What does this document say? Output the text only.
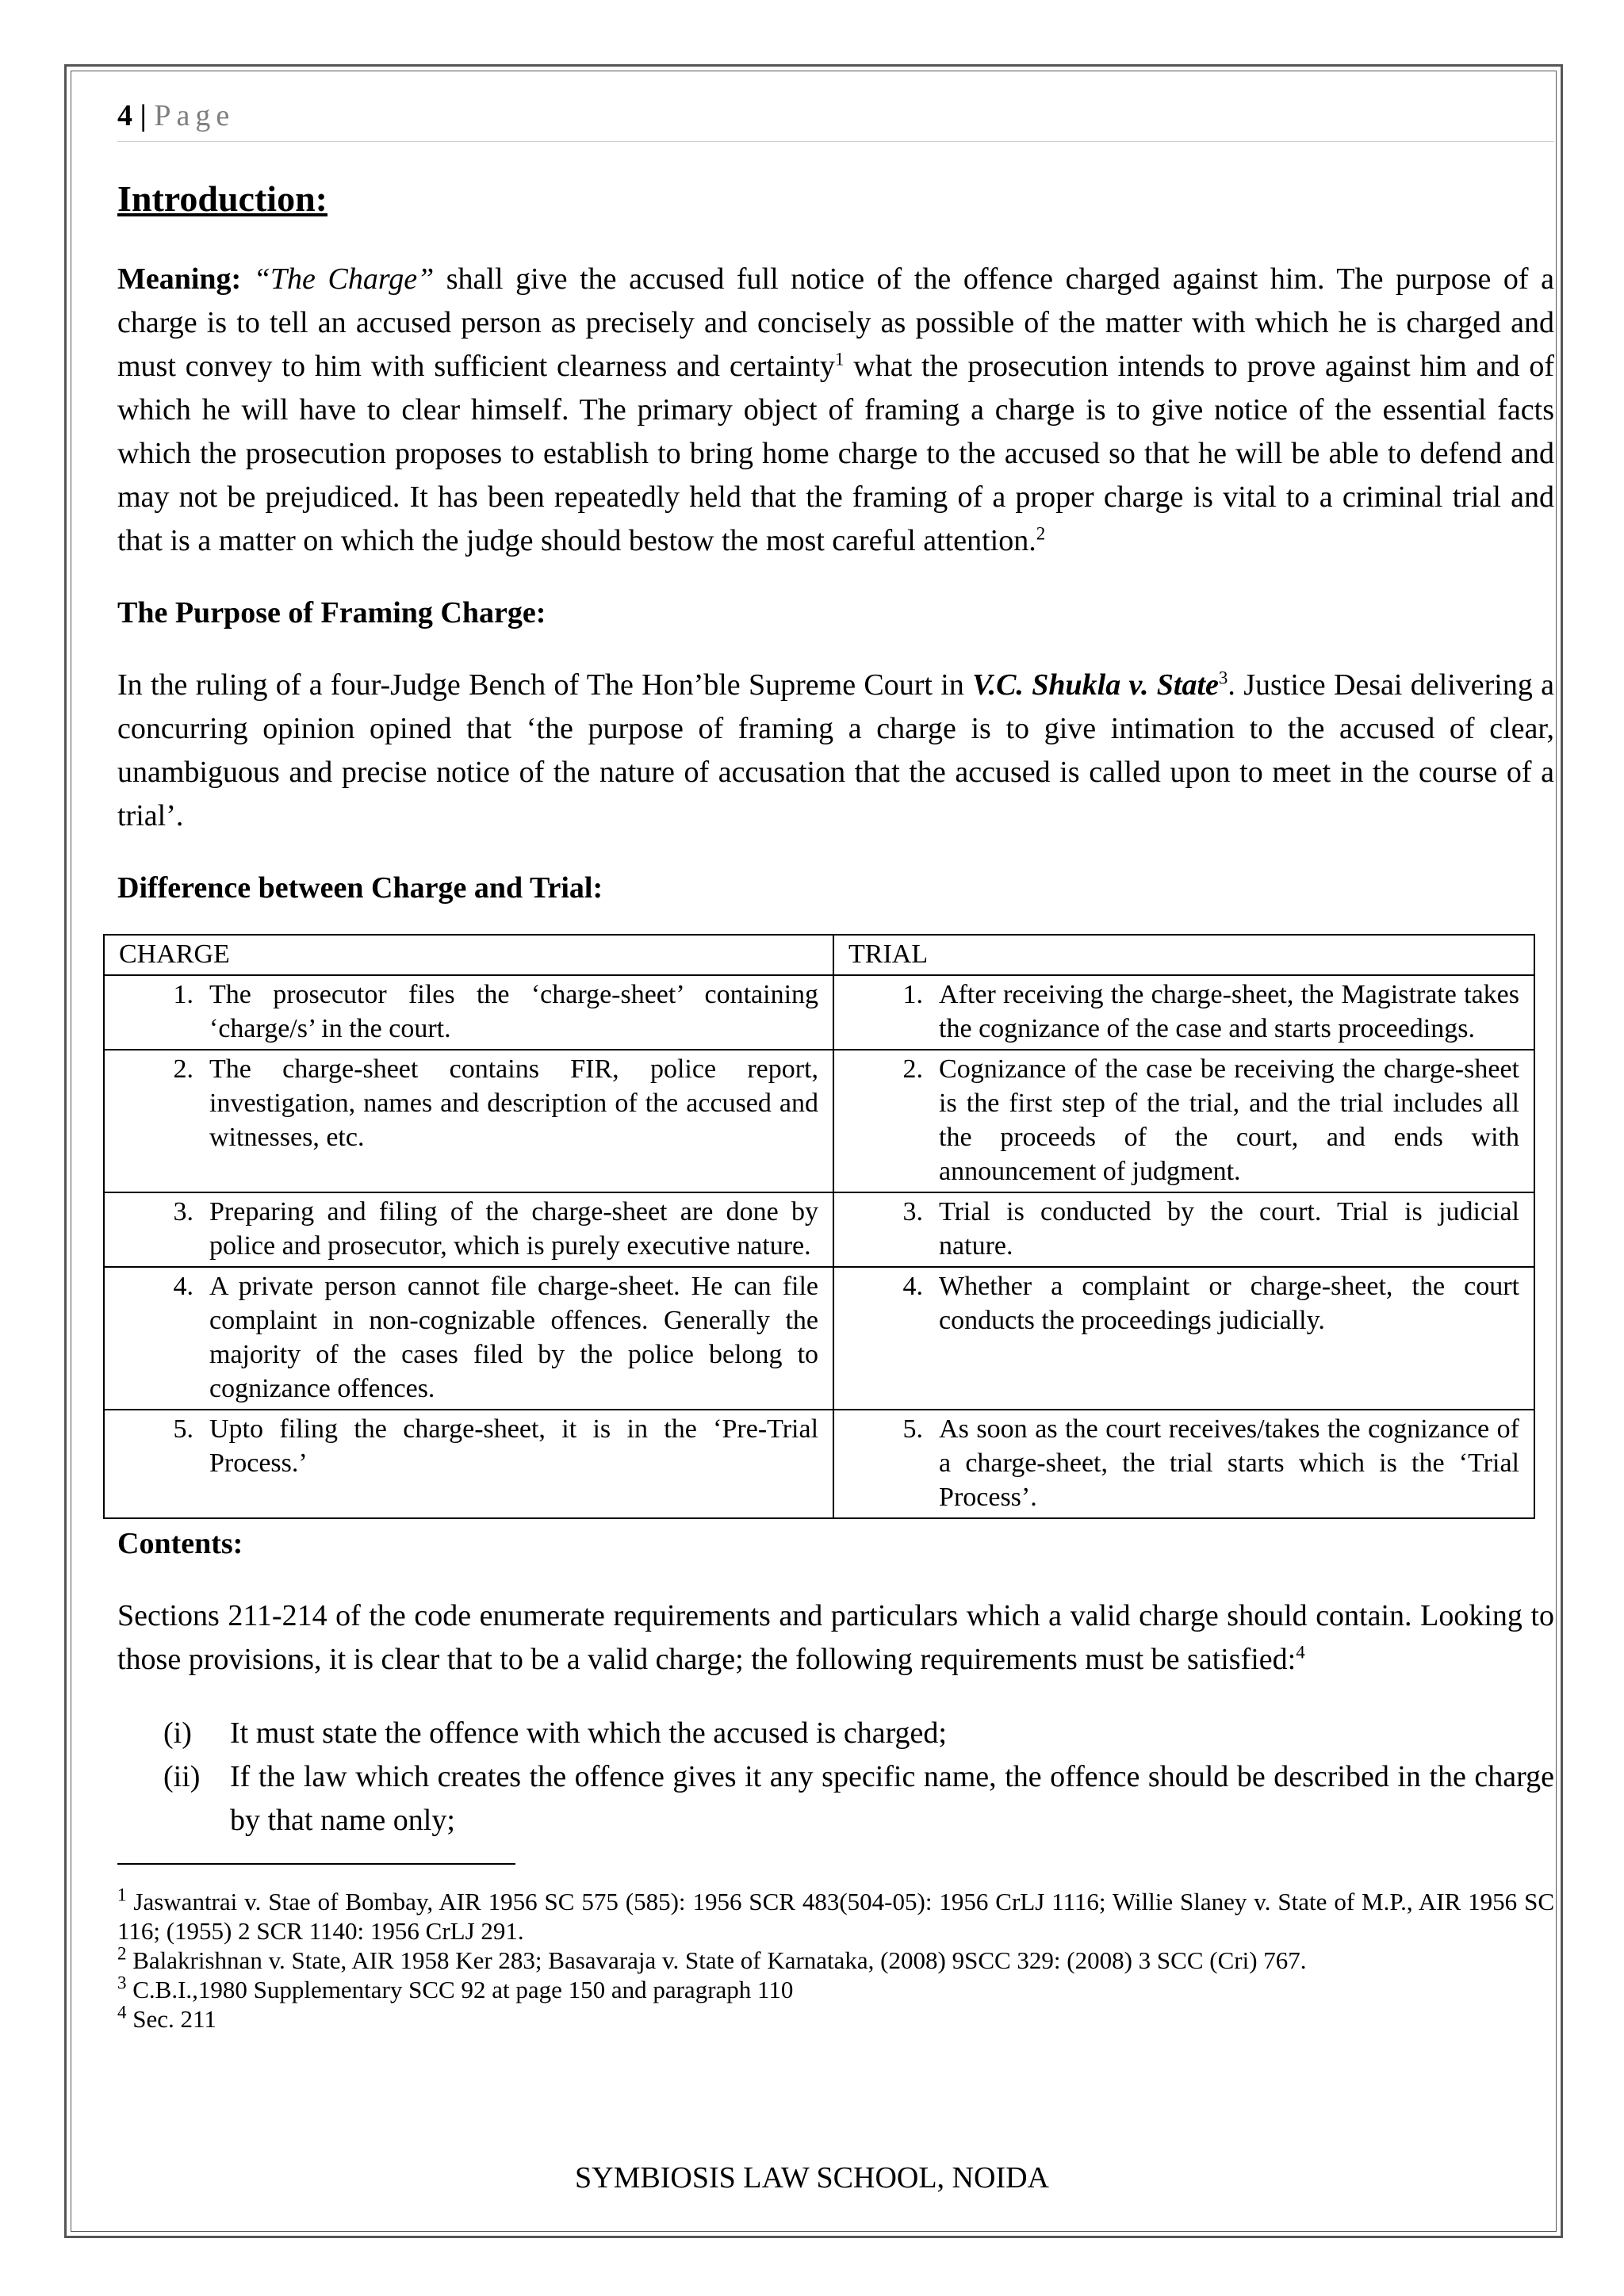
4 | Page
Introduction:

Meaning: “The Charge” shall give the accused full notice of the offence charged against him. The purpose of a charge is to tell an accused person as precisely and concisely as possible of the matter with which he is charged and must convey to him with sufficient clearness and certainty$^1$ what the prosecution intends to prove against him and of which he will have to clear himself. The primary object of framing a charge is to give notice of the essential facts which the prosecution proposes to establish to bring home charge to the accused so that he will be able to defend and may not be prejudiced. It has been repeatedly held that the framing of a proper charge is vital to a criminal trial and that is a matter on which the judge should bestow the most careful attention.$^2$

The Purpose of Framing Charge:

In the ruling of a four-Judge Bench of The Hon’ble Supreme Court in V.C. Shukla v. State$^3$. Justice Desai delivering a concurring opinion opined that ‘the purpose of framing a charge is to give intimation to the accused of clear, unambiguous and precise notice of the nature of accusation that the accused is called upon to meet in the course of a trial’.

Difference between Charge and Trial:
CHARGE	TRIAL

1. The prosecutor files the ‘charge-sheet’ containing ‘charge/s’ in the court.	1. After receiving the charge-sheet, the Magistrate takes the cognizance of the case and starts proceedings.

2. The charge-sheet contains FIR, police report, investigation, names and description of the accused and witnesses, etc.	2. Cognizance of the case be receiving the charge-sheet is the first step of the trial, and the trial includes all the proceeds of the court, and ends with announcement of judgment.

3. Preparing and filing of the charge-sheet are done by police and prosecutor, which is purely executive nature.	3. Trial is conducted by the court. Trial is judicial nature.

4. A private person cannot file charge-sheet. He can file complaint in non-cognizable offences. Generally the majority of the cases filed by the police belong to cognizance offences.	4. Whether a complaint or charge-sheet, the court conducts the proceedings judicially.

5. Upto filing the charge-sheet, it is in the ‘Pre-Trial Process.’	5. As soon as the court receives/takes the cognizance of a charge-sheet, the trial starts which is the ‘Trial Process’.
Contents:

Sections 211-214 of the code enumerate requirements and particulars which a valid charge should contain. Looking to those provisions, it is clear that to be a valid charge; the following requirements must be satisfied:$^4$

(i)	It must state the offence with which the accused is charged;
(ii) If the law which creates the offence gives it any specific name, the offence should be described in the charge by that name only;

$^1$ Jaswantrai v. Stae of Bombay, AIR 1956 SC 575 (585): 1956 SCR 483(504-05): 1956 CrLJ 1116; Willie Slaney v. State of M.P., AIR 1956 SC 116; (1955) 2 SCR 1140: 1956 CrLJ 291.

$^2$ Balakrishnan v. State, AIR 1958 Ker 283; Basavaraja v. State of Karnataka, (2008) 9SCC 329: (2008) 3 SCC (Cri) 767.

$^3$ C.B.I.,1980 Supplementary SCC 92 at page 150 and paragraph 110

$^4$ Sec. 211

SYMBIOSIS LAW SCHOOL, NOIDA
